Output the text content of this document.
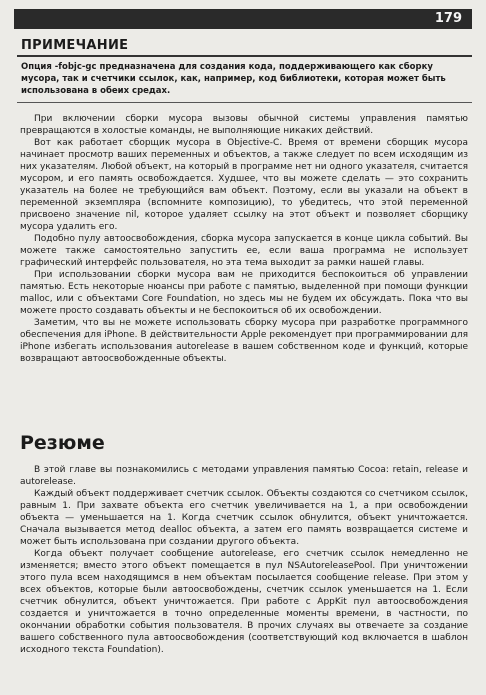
179
ПРИМЕЧАНИЕ

Опция -fobjc-gc предназначена для создания кода, поддерживающего как сборку мусора, так и счетчики ссылок, как, например, код библиотеки, которая может быть использована в обеих средах.

При включении сборки мусора вызовы обычной системы управления памятью превращаются в холостые команды, не выполняющие никаких действий.

Вот как работает сборщик мусора в Objective-C. Время от времени сборщик мусора начинает просмотр ваших переменных и объектов, а также следует по всем исходящим из них указателям. Любой объект, на который в программе нет ни одного указателя, считается мусором, и его память освобождается. Худшее, что вы можете сделать — это сохранить указатель на более не требующийся вам объект. Поэтому, если вы указали на объект в переменной экземпляра (вспомните композицию), то убедитесь, что этой переменной присвоено значение nil, которое удаляет ссылку на этот объект и позволяет сборщику мусора удалить его.

Подобно пулу автоосвобождения, сборка мусора запускается в конце цикла событий. Вы можете также самостоятельно запустить ее, если ваша программа не использует графический интерфейс пользователя, но эта тема выходит за рамки нашей главы.

При использовании сборки мусора вам не приходится беспокоиться об управлении памятью. Есть некоторые нюансы при работе с памятью, выделенной при помощи функции malloc, или с объектами Core Foundation, но здесь мы не будем их обсуждать. Пока что вы можете просто создавать объекты и не беспокоиться об их освобождении.

Заметим, что вы не можете использовать сборку мусора при разработке программного обеспечения для iPhone. В действительности Apple рекомендует при программировании для iPhone избегать использования autorelease в вашем собственном коде и функций, которые возвращают автоосвобожденные объекты.

Резюме

В этой главе вы познакомились с методами управления памятью Cocoa: retain, release и autorelease.

Каждый объект поддерживает счетчик ссылок. Объекты создаются со счетчиком ссылок, равным 1. При захвате объекта его счетчик увеличивается на 1, а при освобождении объекта — уменьшается на 1. Когда счетчик ссылок обнулится, объект уничтожается. Сначала вызывается метод dealloc объекта, а затем его память возвращается системе и может быть использована при создании другого объекта.

Когда объект получает сообщение autorelease, его счетчик ссылок немедленно не изменяется; вместо этого объект помещается в пул NSAutoreleasePool. При уничтожении этого пула всем находящимся в нем объектам посылается сообщение release. При этом у всех объектов, которые были автоосвобождены, счетчик ссылок уменьшается на 1. Если счетчик обнулится, объект уничтожается. При работе с AppKit пул автоосвобождения создается и уничтожается в точно определенные моменты времени, в частности, по окончании обработки события пользователя. В прочих случаях вы отвечаете за создание вашего собственного пула автоосвобождения (соответствующий код включается в шаблон исходного текста Foundation).
